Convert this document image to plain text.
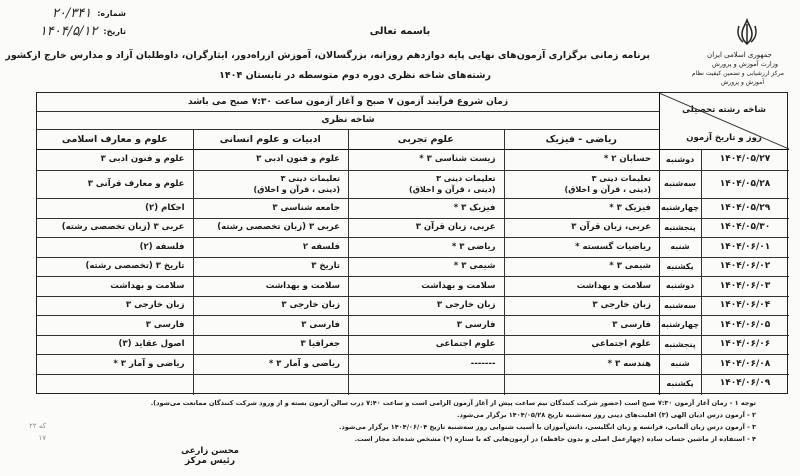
شماره:
۲۰/۳۴۱
تاریخ:
۱۴۰۴/۵/۱۲	باسمه تعالی
جمهوری اسلامی ایران
وزارت آموزش و پرورش
مرکز ارزشیابی و تضمین کیفیت نظام
آموزش و پرورش
برنامه زمانی برگزاری آزمون‌های نهایی پایه دوازدهم روزانه، بزرگسالان، آموزش ازراه‌دور، ایثارگران، داوطلبان آزاد و مدارس خارج ازکشور
رشته‌های شاخه نظری دوره دوم متوسطه در تابستان ۱۴۰۴
زمان شروع فرآیند آزمون ۷ صبح و آغاز آزمون ساعت ۷:۳۰ صبح می باشد
شاخه نظری
شاخه رشته تحصیلی
روز و تاریخ آزمون
ریاضی - فیزیک
علوم تجربی
ادبیات و علوم انسانی
علوم و معارف اسلامی
۱۴۰۴/۰۵/۲۷
دوشنبه
حسابان ۲ *
زیست شناسی ۳ *
علوم و فنون ادبی ۳
علوم و فنون ادبی ۳
۱۴۰۴/۰۵/۲۸
سه‌شنبه
تعلیمات دینی ۳
(دینی ، قرآن و اخلاق)
تعلیمات دینی ۳
(دینی ، قرآن و اخلاق)
تعلیمات دینی ۳
(دینی ، قرآن و اخلاق)
علوم و معارف قرآنی ۳
۱۴۰۴/۰۵/۲۹
چهارشنبه
فیزیک ۳ *
فیزیک ۳ *
جامعه شناسی ۳
احکام (۲)
۱۴۰۴/۰۵/۳۰
پنجشنبه
عربی، زبان قرآن ۳
عربی، زبان قرآن ۳
عربی ۳ (زبان تخصصی رشته)
عربی ۳ (زبان تخصصی رشته)
۱۴۰۴/۰۶/۰۱
شنبه
ریاضیات گسسته *
ریاضی ۳ *
فلسفه ۲
فلسفه (۲)
۱۴۰۴/۰۶/۰۲
یکشنبه
شیمی ۳ *
شیمی ۳ *
تاریخ ۳
تاریخ ۳ (تخصصی رشته)
۱۴۰۴/۰۶/۰۳
دوشنبه
سلامت و بهداشت
سلامت و بهداشت
سلامت و بهداشت
سلامت و بهداشت
۱۴۰۴/۰۶/۰۴
سه‌شنبه
زبان خارجی ۳
زبان خارجی ۳
زبان خارجی ۳
زبان خارجی ۳
۱۴۰۴/۰۶/۰۵
چهارشنبه
فارسی ۳
فارسی ۳
فارسی ۳
فارسی ۳
۱۴۰۴/۰۶/۰۶
پنجشنبه
علوم اجتماعی
علوم اجتماعی
جغرافیا ۳
اصول عقاید (۳)
۱۴۰۴/۰۶/۰۸
شنبه
هندسه ۳ *
-------
ریاضی و آمار ۳ *
ریاضی و آمار ۳ *
۱۴۰۴/۰۶/۰۹
یکشنبه
توجه ۱ - زمان آغاز آزمون ۷:۳۰ صبح است (حضور شرکت کنندگان نیم ساعت پیش از آغاز آزمون الزامی است و ساعت ۷:۴۰ درب سالن آزمون بسته و از ورود شرکت کنندگان ممانعت می‌شود).
۲ - آزمون درس ادیان الهی (۳) اقلیت‌های دینی روز سه‌شنبه تاریخ ۱۴۰۴/۰۵/۲۸ برگزار می‌شود.
۳ - آزمون درس زبان آلمانی، فرانسه و زبان انگلیسی، دانش‌آموزان با آسیب شنوایی روز سه‌شنبه تاریخ ۱۴۰۴/۰۶/۰۴ برگزار می‌شود.
۴ - استفاده از ماشین حساب ساده (چهارعمل اصلی و بدون حافظه) در آزمون‌هایی که با ستاره (*) مشخص شده‌اند مجاز است.
محسن زارعی
رئیس مرکز
که ۲۲
۱۷
